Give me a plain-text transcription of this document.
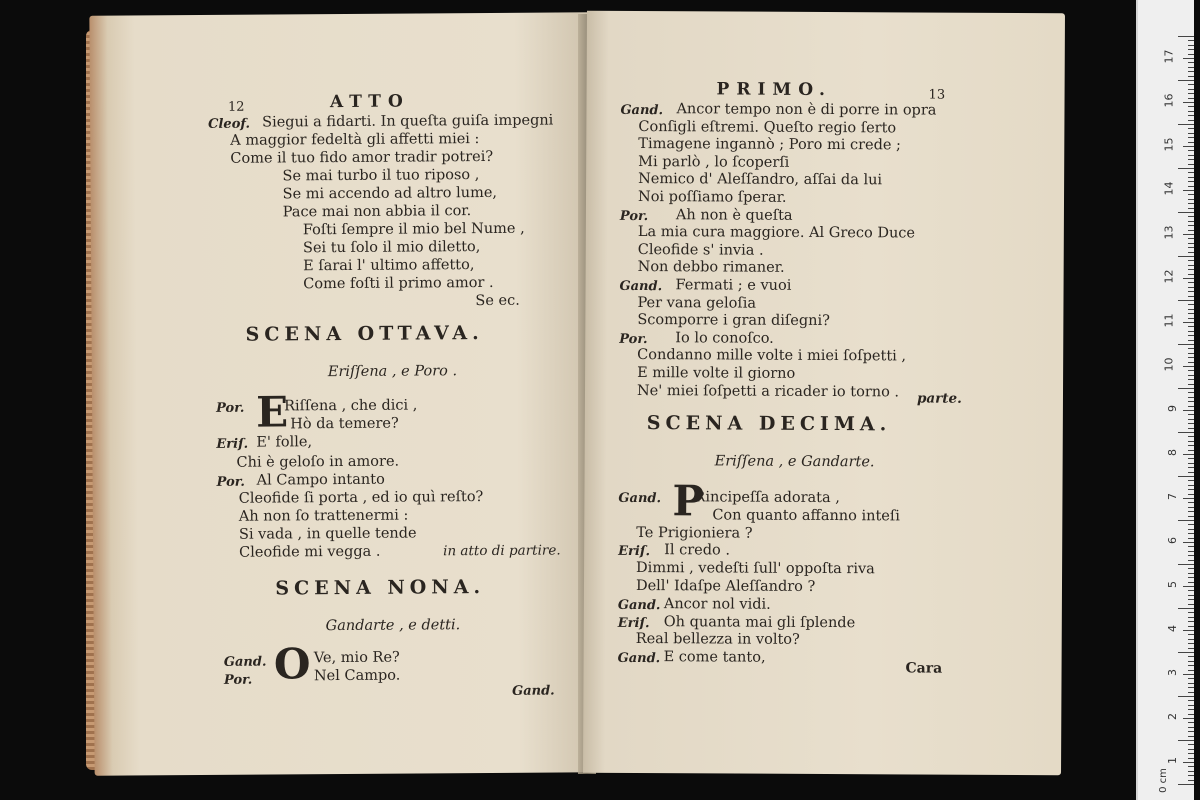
12	ATTO
Cleof. Siegui a fidarti. In queſta guiſa impegni
A maggior fedeltà gli affetti miei :
Come il tuo fido amor tradir potrei?
Se mai turbo il tuo riposo ,
Se mi accendo ad altro lume,
Pace mai non abbia il cor.
Foſti ſempre il mio bel Nume ,
Sei tu ſolo il mio diletto,
E ſarai l' ultimo affetto,
Come foſti il primo amor .
Se ec.
SCENA OTTAVA.
Eriſſena , e Poro .
Por. E
Riſſena , che dici ,
Hò da temere?
Eriſ. E' folle,
Chi è geloſo in amore.
Por. Al Campo intanto
Cleofide ſi porta , ed io quì reſto?
Ah non ſo trattenermi :
Si vada , in quelle tende
Cleofide mi vegga .	in atto di partire.
SCENA NONA.
Gandarte , e detti.
Gand.
Por. O Ve, mio Re?
Nel Campo.
Gand.
PRIMO.	13
Gand. Ancor tempo non è di porre in opra
Conſigli eſtremi. Queſto regio ſerto
Timagene ingannò ; Poro mi crede ;
Mi parlò , lo ſcoperſi
Nemico d' Aleſſandro, aſſai da lui
Noi poſſiamo ſperar.
Por. Ah non è queſta
La mia cura maggiore. Al Greco Duce
Cleofide s' invia .
Non debbo rimaner.
Gand. Fermati ; e vuoi
Per vana geloſia
Scomporre i gran diſegni?
Por. Io lo conoſco.
Condanno mille volte i miei ſoſpetti ,
E mille volte il giorno
Ne' miei ſoſpetti a ricader io torno . parte.
SCENA DECIMA.
Eriſſena , e Gandarte.
P
Gand. Rincipeſſa adorata ,
Con quanto affanno inteſi
Te Prigioniera ?
Eriſ. Il credo .
Dimmi , vedeſti ſull' oppoſta riva
Dell' Idaſpe Aleſſandro ?
Gand. Ancor nol vidi.
Eriſ. Oh quanta mai gli ſplende
Real bellezza in volto?
Gand. E come tanto,
Cara
0 cm
17
16
15
14
13
12
11
10
9
8
7
6
5
4
3
2
1
